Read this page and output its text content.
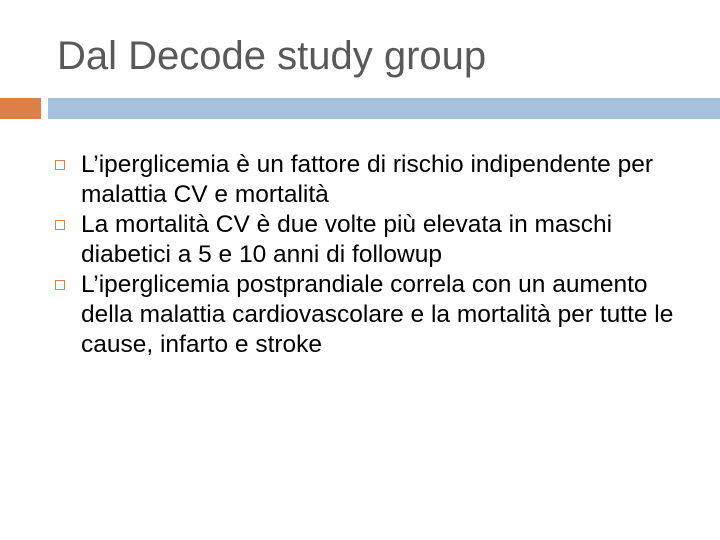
Dal Decode study group
L’iperglicemia è un fattore di rischio indipendente per malattia CV e mortalità
La mortalità CV è due volte più elevata in maschi diabetici a 5 e 10 anni di followup
L’iperglicemia postprandiale correla con un aumento della malattia cardiovascolare e la mortalità per tutte le cause, infarto e stroke
